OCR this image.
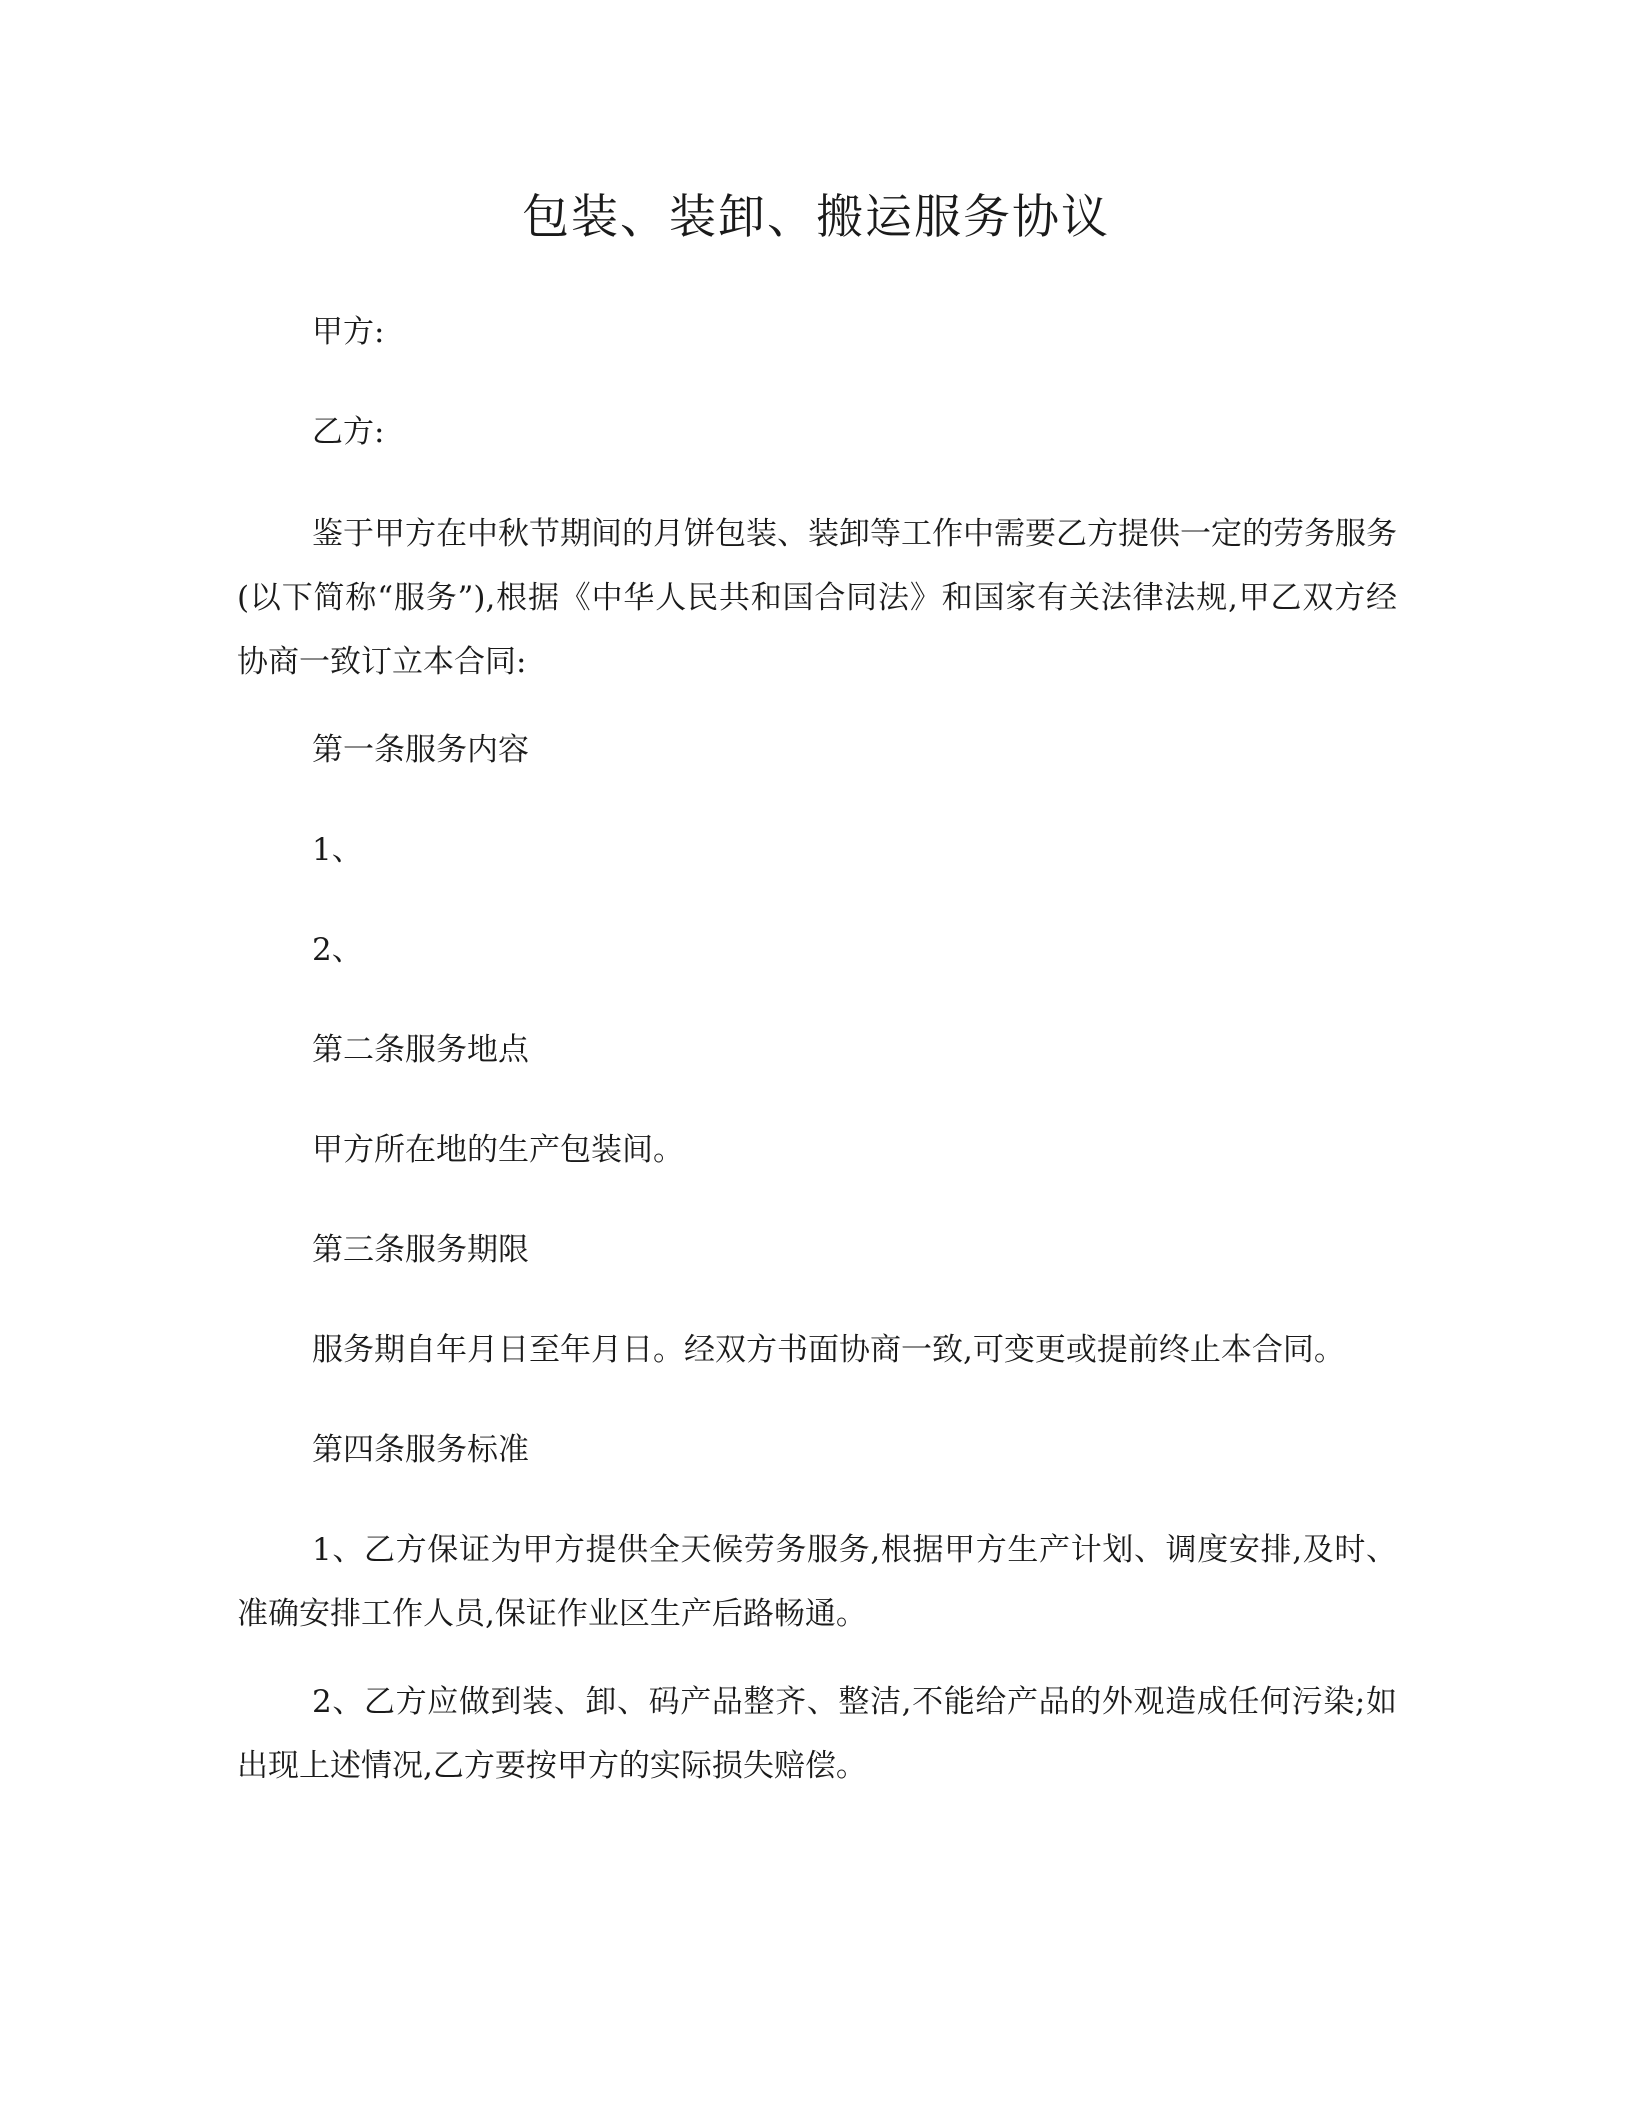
包装、装卸、搬运服务协议

甲方:

乙方:

鉴于甲方在中秋节期间的月饼包装、装卸等工作中需要乙方提供一定的劳务服务(以下简称“服务”),根据《中华人民共和国合同法》和国家有关法律法规,甲乙双方经协商一致订立本合同:

第一条服务内容

1、

2、

第二条服务地点

甲方所在地的生产包装间。

第三条服务期限

服务期自年月日至年月日。经双方书面协商一致,可变更或提前终止本合同。

第四条服务标准

1、乙方保证为甲方提供全天候劳务服务,根据甲方生产计划、调度安排,及时、准确安排工作人员,保证作业区生产后路畅通。

2、乙方应做到装、卸、码产品整齐、整洁,不能给产品的外观造成任何污染;如出现上述情况,乙方要按甲方的实际损失赔偿。
